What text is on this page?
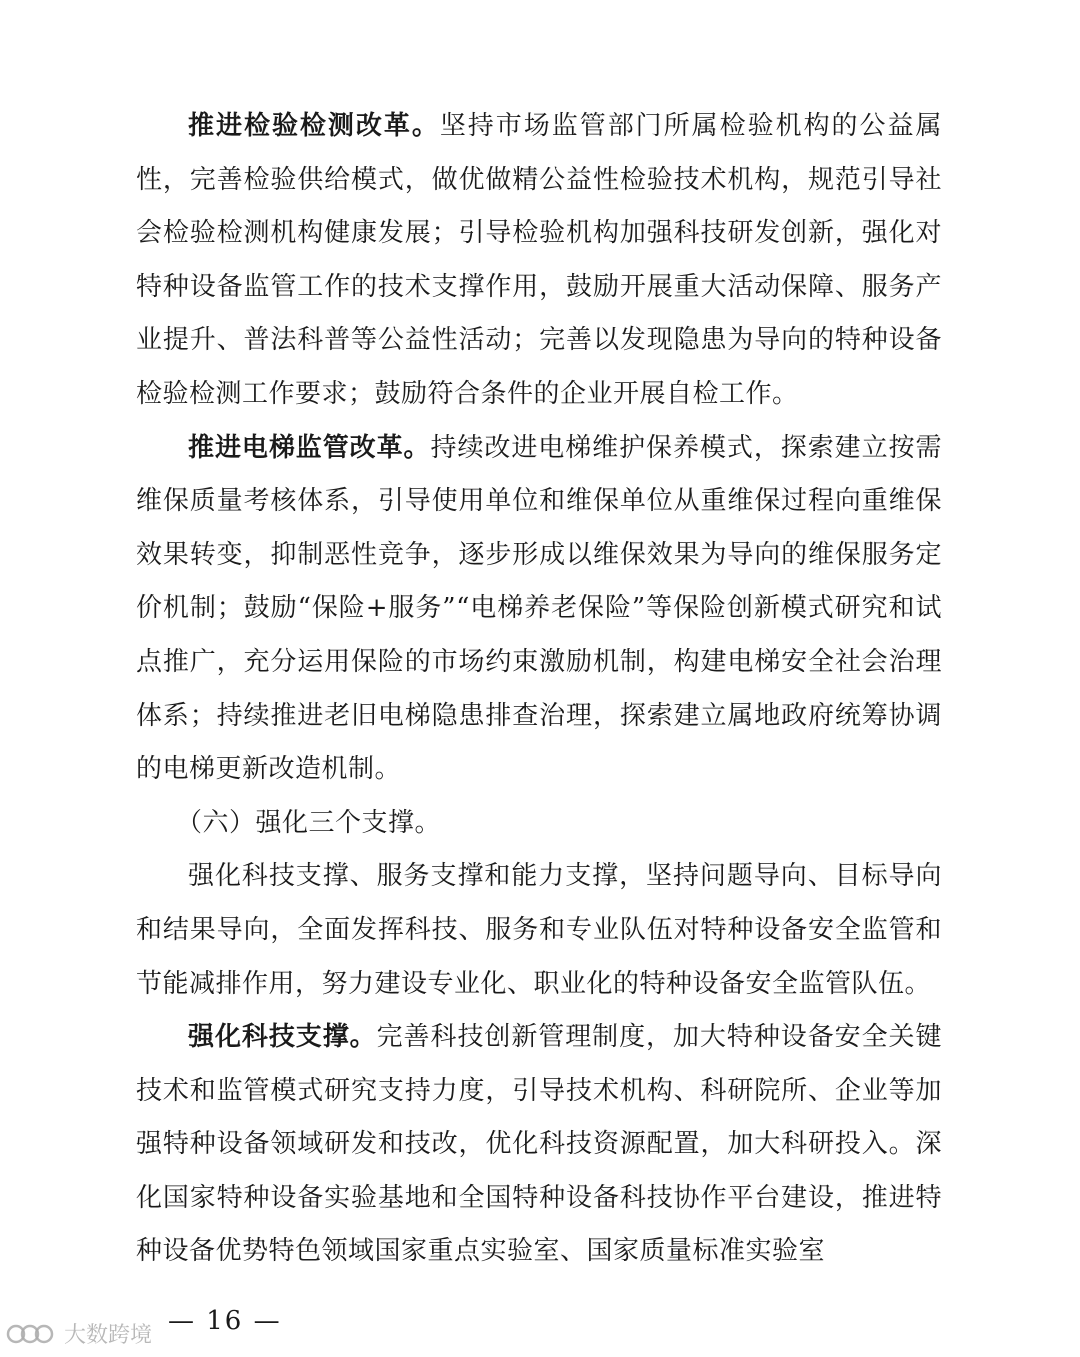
推进检验检测改革。坚持市场监管部门所属检验机构的公益属性，完善检验供给模式，做优做精公益性检验技术机构，规范引导社会检验检测机构健康发展；引导检验机构加强科技研发创新，强化对特种设备监管工作的技术支撑作用，鼓励开展重大活动保障、服务产业提升、普法科普等公益性活动；完善以发现隐患为导向的特种设备检验检测工作要求；鼓励符合条件的企业开展自检工作。

推进电梯监管改革。持续改进电梯维护保养模式，探索建立按需维保质量考核体系，引导使用单位和维保单位从重维保过程向重维保效果转变，抑制恶性竞争，逐步形成以维保效果为导向的维保服务定价机制；鼓励“保险+服务”“电梯养老保险”等保险创新模式研究和试点推广，充分运用保险的市场约束激励机制，构建电梯安全社会治理体系；持续推进老旧电梯隐患排查治理，探索建立属地政府统筹协调的电梯更新改造机制。

（六）强化三个支撑。

强化科技支撑、服务支撑和能力支撑，坚持问题导向、目标导向和结果导向，全面发挥科技、服务和专业队伍对特种设备安全监管和节能减排作用，努力建设专业化、职业化的特种设备安全监管队伍。

强化科技支撑。完善科技创新管理制度，加大特种设备安全关键技术和监管模式研究支持力度，引导技术机构、科研院所、企业等加强特种设备领域研发和技改，优化科技资源配置，加大科研投入。深化国家特种设备实验基地和全国特种设备科技协作平台建设，推进特种设备优势特色领域国家重点实验室、国家质量标准实验室

— 16 —
大数跨境
